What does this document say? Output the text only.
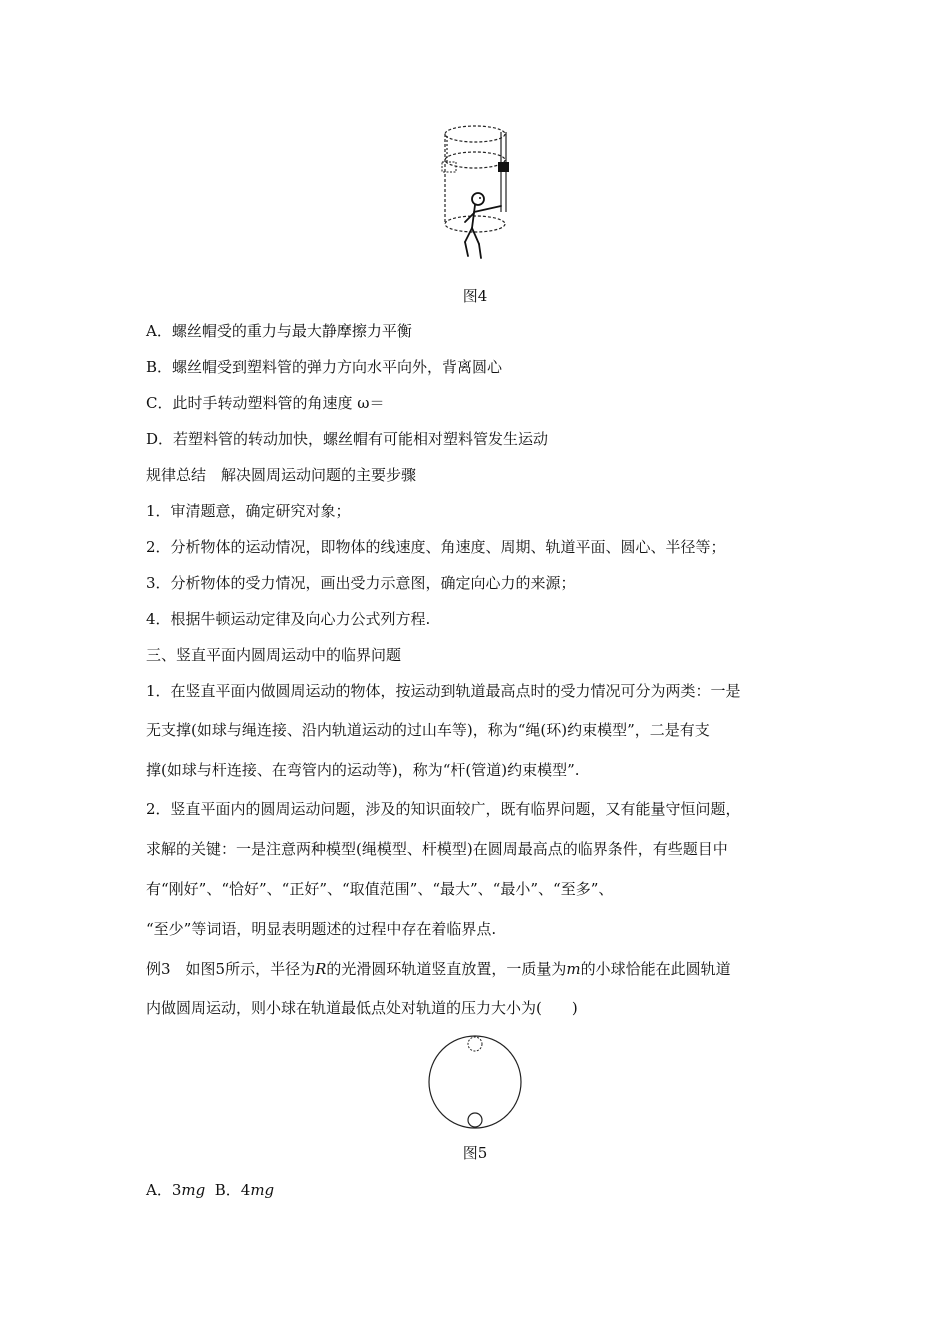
图4
A．螺丝帽受的重力与最大静摩擦力平衡
B．螺丝帽受到塑料管的弹力方向水平向外，背离圆心
C．此时手转动塑料管的角速度 ω＝
D．若塑料管的转动加快，螺丝帽有可能相对塑料管发生运动
规律总结　解决圆周运动问题的主要步骤
1．审清题意，确定研究对象；
2．分析物体的运动情况，即物体的线速度、角速度、周期、轨道平面、圆心、半径等；
3．分析物体的受力情况，画出受力示意图，确定向心力的来源；
4．根据牛顿运动定律及向心力公式列方程.
三、竖直平面内圆周运动中的临界问题
1．在竖直平面内做圆周运动的物体，按运动到轨道最高点时的受力情况可分为两类：一是
无支撑(如球与绳连接、沿内轨道运动的过山车等)，称为“绳(环)约束模型”，二是有支
撑(如球与杆连接、在弯管内的运动等)，称为“杆(管道)约束模型”.
2．竖直平面内的圆周运动问题，涉及的知识面较广，既有临界问题，又有能量守恒问题，
求解的关键：一是注意两种模型(绳模型、杆模型)在圆周最高点的临界条件，有些题目中
有“刚好”、“恰好”、“正好”、“取值范围”、“最大”、“最小”、“至多”、
“至少”等词语，明显表明题述的过程中存在着临界点.
例3　如图5所示，半径为R的光滑圆环轨道竖直放置，一质量为m的小球恰能在此圆轨道
内做圆周运动，则小球在轨道最低点处对轨道的压力大小为(　　)
图5
A．3mg  B．4mg
